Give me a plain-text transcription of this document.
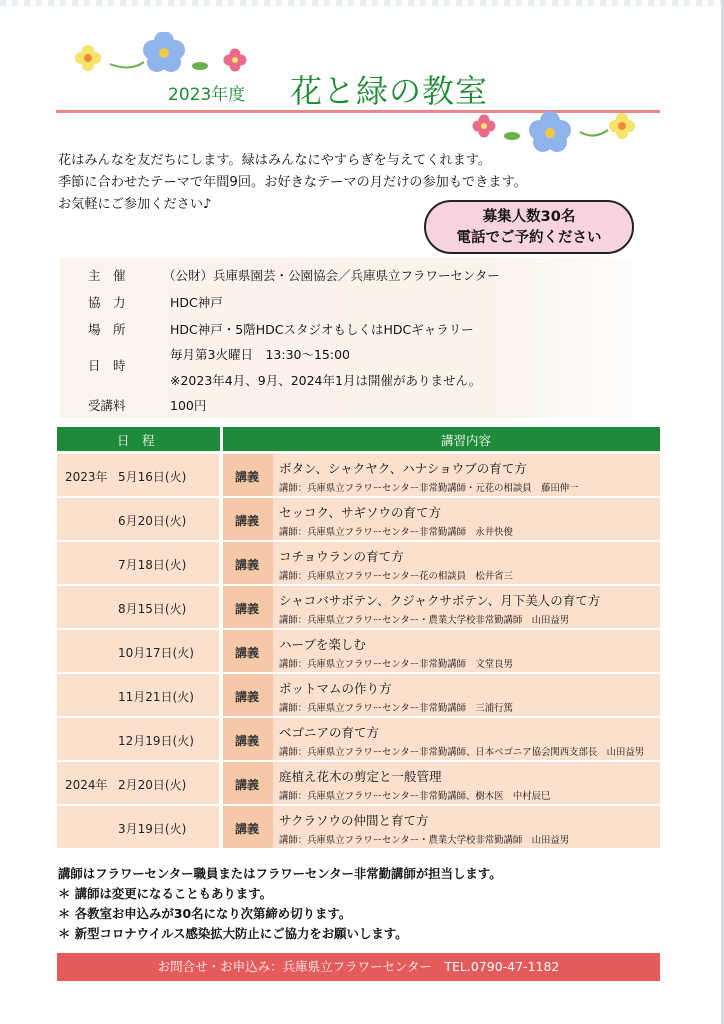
2023年度 花と緑の教室
花はみんなを友だちにします。緑はみんなにやすらぎを与えてくれます。
季節に合わせたテーマで年間9回。お好きなテーマの月だけの参加もできます。
お気軽にご参加ください♪
募集人数30名
電話でご予約ください
主　催	（公財）兵庫県園芸・公園協会／兵庫県立フラワーセンター
協　力	HDC神戸
場　所	HDC神戸・5階HDCスタジオもしくはHDCギャラリー
日　時
毎月第3火曜日　13:30〜15:00
※2023年4月、9月、2024年1月は開催がありません。
受講料	100円
日　程	講習内容
2023年 5月16日(火)	講義
ボタン、シャクヤク、ハナショウブの育て方
講師：兵庫県立フラワーセンター非常勤講師・元花の相談員　藤田伸一
6月20日(火)	講義
セッコク、サギソウの育て方
講師：兵庫県立フラワーセンター非常勤講師　永井快俊
7月18日(火)	講義
コチョウランの育て方
講師：兵庫県立フラワーセンター花の相談員　松井省三
8月15日(火)	講義
シャコバサボテン、クジャクサボテン、月下美人の育て方
講師：兵庫県立フラワーセンター・農業大学校非常勤講師　山田益男
10月17日(火)	講義
ハーブを楽しむ
講師：兵庫県立フラワーセンター非常勤講師　文堂良男
11月21日(火)	講義
ポットマムの作り方
講師：兵庫県立フラワーセンター非常勤講師　三浦行篤
12月19日(火)	講義
ベゴニアの育て方
講師：兵庫県立フラワーセンター非常勤講師、日本ベゴニア協会関西支部長　山田益男
2024年 2月20日(火)	講義
庭植え花木の剪定と一般管理
講師：兵庫県立フラワーセンター非常勤講師、樹木医　中村辰巳
3月19日(火)	講義
サクラソウの仲間と育て方
講師：兵庫県立フラワーセンター・農業大学校非常勤講師　山田益男
講師はフラワーセンター職員またはフラワーセンター非常勤講師が担当します。
＊ 講師は変更になることもあります。
＊ 各教室お申込みが30名になり次第締め切ります。
＊ 新型コロナウイルス感染拡大防止にご協力をお願いします。
お問合せ・お申込み：兵庫県立フラワーセンター　TEL.0790-47-1182
